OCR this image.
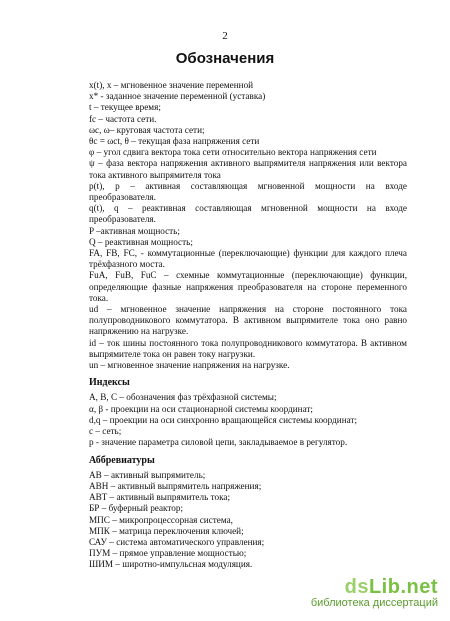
2
Обозначения

x(t), x – мгновенное значение переменной

x* - заданное значение переменной (уставка)

t – текущее время;

fc – частота сети.

ωc, ω– круговая частота сети;

θc = ωct, θ – текущая фаза напряжения сети

φ – угол сдвига вектора тока сети относительно вектора напряжения сети

ψ – фаза вектора напряжения активного выпрямителя напряжения или вектора тока активного выпрямителя тока

p(t), p – активная составляющая мгновенной мощности на входе преобразователя.

q(t), q – реактивная составляющая мгновенной мощности на входе преобразователя.

P –активная мощность;

Q – реактивная мощность;

FA, FB, FC, - коммутационные (переключающие) функции для каждого плеча трёхфазного моста.

FuA, FuB, FuC – схемные коммутационные (переключающие) функции, определяющие фазные напряжения преобразователя на стороне переменного тока.

ud – мгновенное значение напряжения на стороне постоянного тока полупроводникового коммутатора. В активном выпрямителе тока оно равно напряжению на нагрузке.

id – ток шины постоянного тока полупроводникового коммутатора. В активном выпрямителе тока он равен току нагрузки.

un – мгновенное значение напряжения на нагрузке.

Индексы

A, B, C – обозначения фаз трёхфазной системы;

α, β - проекции на оси стационарной системы координат;

d,q – проекции на оси синхронно вращающейся системы координат;

c – сеть;

p - значение параметра силовой цепи, закладываемое в регулятор.

Аббревиатуры

АВ – активный выпрямитель;

АВН – активный выпрямитель напряжения;

АВТ – активный выпрямитель тока;

БР – буферный реактор;

МПС – микропроцессорная система,

МПК – матрица переключения ключей;

САУ – система автоматического управления;

ПУМ – прямое управление мощностью;

ШИМ – широтно-импульсная модуляция.

dsLib.net
библиотека диссертаций
